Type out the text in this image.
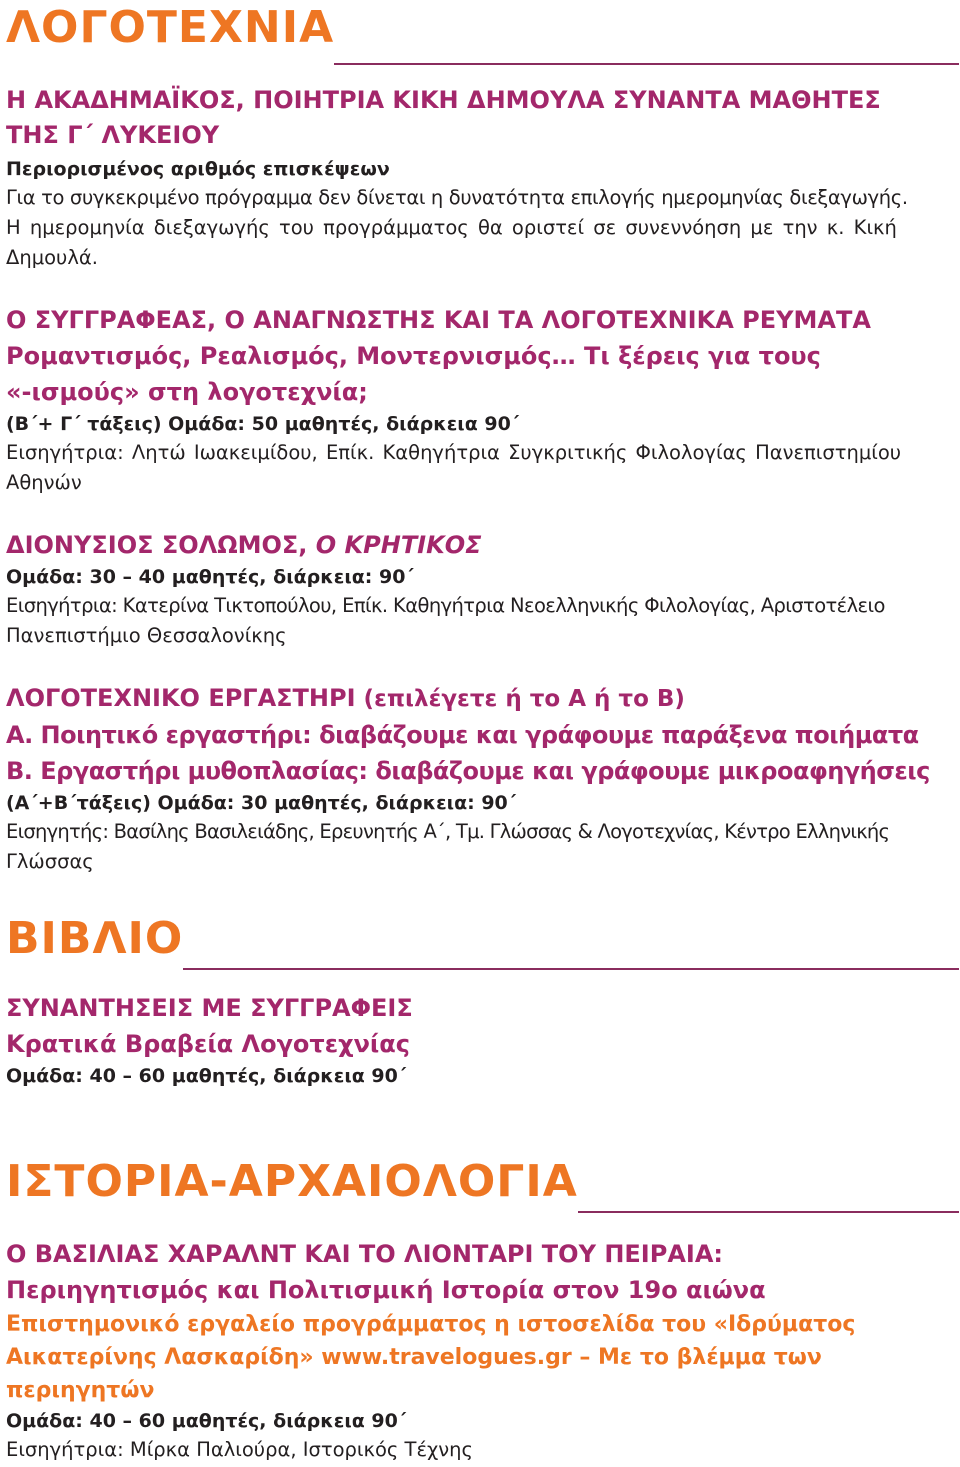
ΛΟΓΟΤΕΧΝΙΑ
Η ΑΚΑΔΗΜΑΪΚΟΣ, ΠΟΙΗΤΡΙΑ ΚΙΚΗ ΔΗΜΟΥΛΑ ΣΥΝΑΝΤΑ ΜΑΘΗΤΕΣ
ΤΗΣ Γ΄ ΛΥΚΕΙΟΥ
Περιορισμένος αριθμός επισκέψεων
Για το συγκεκριμένο πρόγραμμα δεν δίνεται η δυνατότητα επιλογής ημερομηνίας διεξαγωγής.
Η ημερομηνία διεξαγωγής του προγράμματος θα οριστεί σε συνεννόηση με την κ. Κική
Δημουλά.
Ο ΣΥΓΓΡΑΦΕΑΣ, Ο ΑΝΑΓΝΩΣΤΗΣ ΚΑΙ ΤΑ ΛΟΓΟΤΕΧΝΙΚΑ ΡΕΥΜΑΤΑ
Ρομαντισμός, Ρεαλισμός, Μοντερνισμός… Τι ξέρεις για τους
«-ισμούς» στη λογοτεχνία;
(Β΄+ Γ΄ τάξεις) Ομάδα: 50 μαθητές, διάρκεια 90΄
Εισηγήτρια: Λητώ Ιωακειμίδου, Επίκ. Καθηγήτρια Συγκριτικής Φιλολογίας Πανεπιστημίου
Αθηνών
ΔΙΟΝΥΣΙΟΣ ΣΟΛΩΜΟΣ, Ο ΚΡΗΤΙΚΟΣ
Ομάδα: 30 – 40 μαθητές, διάρκεια: 90΄
Εισηγήτρια: Κατερίνα Τικτοπούλου, Επίκ. Καθηγήτρια Νεοελληνικής Φιλολογίας, Αριστοτέλειο
Πανεπιστήμιο Θεσσαλονίκης
ΛΟΓΟΤΕΧΝΙΚΟ ΕΡΓΑΣΤΗΡΙ (επιλέγετε ή το Α ή το Β)
Α. Ποιητικό εργαστήρι: διαβάζουμε και γράφουμε παράξενα ποιήματα
Β. Εργαστήρι μυθοπλασίας: διαβάζουμε και γράφουμε μικροαφηγήσεις
(Α΄+Β΄τάξεις) Ομάδα: 30 μαθητές, διάρκεια: 90΄
Εισηγητής: Βασίλης Βασιλειάδης, Ερευνητής Α΄, Τμ. Γλώσσας & Λογοτεχνίας, Κέντρο Ελληνικής
Γλώσσας
ΒΙΒΛΙΟ
ΣΥΝΑΝΤΗΣΕΙΣ ΜΕ ΣΥΓΓΡΑΦΕΙΣ
Κρατικά Βραβεία Λογοτεχνίας
Ομάδα: 40 – 60 μαθητές, διάρκεια 90΄
ΙΣΤΟΡΙΑ-ΑΡΧΑΙΟΛΟΓΙΑ
Ο ΒΑΣΙΛΙΑΣ ΧΑΡΑΛΝΤ ΚΑΙ ΤΟ ΛΙΟΝΤΑΡΙ ΤΟΥ ΠΕΙΡΑΙΑ:
Περιηγητισμός και Πολιτισμική Ιστορία στον 19ο αιώνα
Επιστημονικό εργαλείο προγράμματος η ιστοσελίδα του «Ιδρύματος
Αικατερίνης Λασκαρίδη» www.travelogues.gr – Με το βλέμμα των
περιηγητών
Ομάδα: 40 – 60 μαθητές, διάρκεια 90΄
Εισηγήτρια: Μίρκα Παλιούρα, Ιστορικός Τέχνης
